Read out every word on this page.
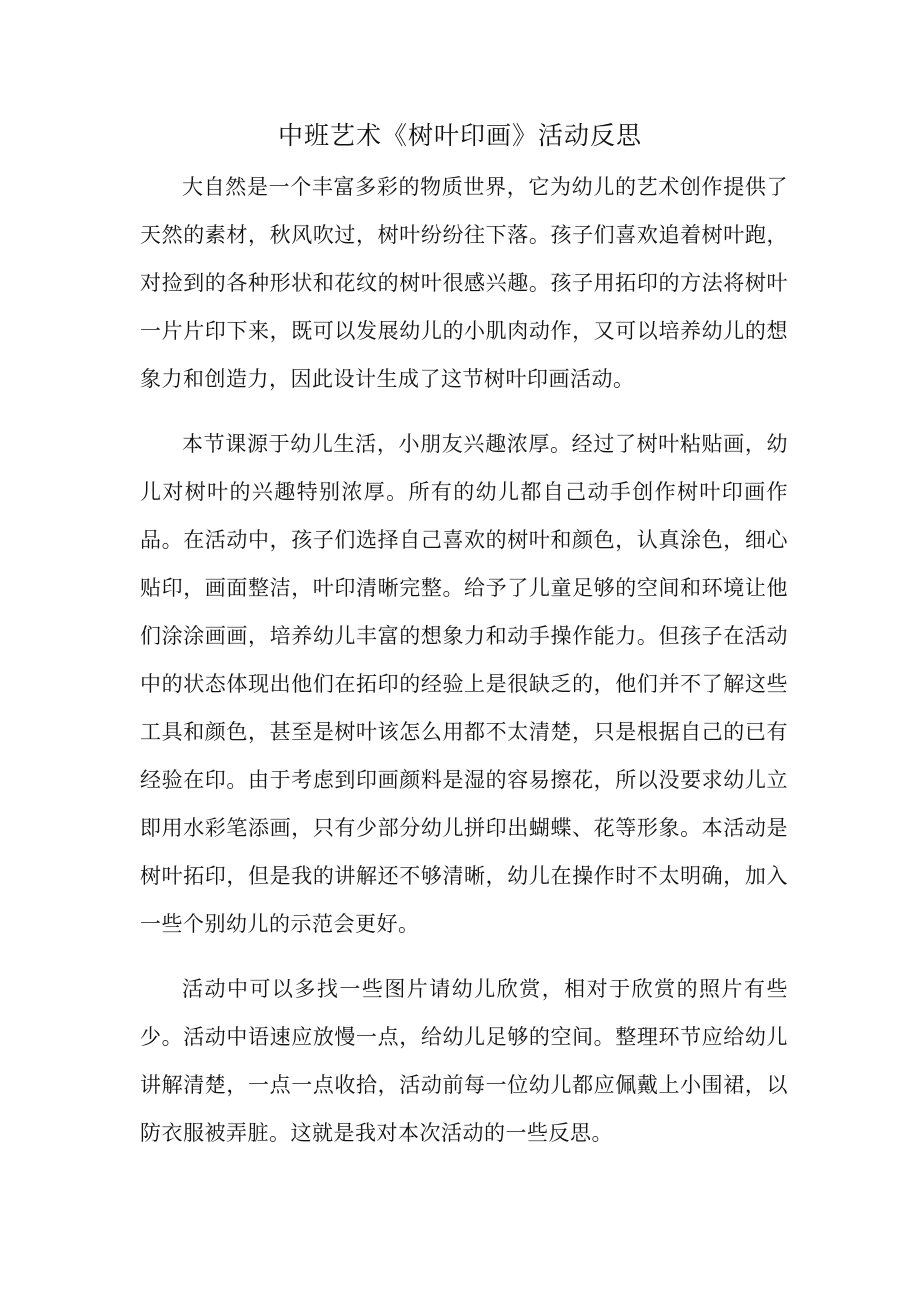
中班艺术《树叶印画》活动反思

大自然是一个丰富多彩的物质世界，它为幼儿的艺术创作提供了天然的素材，秋风吹过，树叶纷纷往下落。孩子们喜欢追着树叶跑，对捡到的各种形状和花纹的树叶很感兴趣。孩子用拓印的方法将树叶一片片印下来，既可以发展幼儿的小肌肉动作，又可以培养幼儿的想象力和创造力，因此设计生成了这节树叶印画活动。

本节课源于幼儿生活，小朋友兴趣浓厚。经过了树叶粘贴画，幼儿对树叶的兴趣特别浓厚。所有的幼儿都自己动手创作树叶印画作品。在活动中，孩子们选择自己喜欢的树叶和颜色，认真涂色，细心贴印，画面整洁，叶印清晰完整。给予了儿童足够的空间和环境让他们涂涂画画，培养幼儿丰富的想象力和动手操作能力。但孩子在活动中的状态体现出他们在拓印的经验上是很缺乏的，他们并不了解这些工具和颜色，甚至是树叶该怎么用都不太清楚，只是根据自己的已有经验在印。由于考虑到印画颜料是湿的容易擦花，所以没要求幼儿立即用水彩笔添画，只有少部分幼儿拼印出蝴蝶、花等形象。本活动是树叶拓印，但是我的讲解还不够清晰，幼儿在操作时不太明确，加入一些个别幼儿的示范会更好。

活动中可以多找一些图片请幼儿欣赏，相对于欣赏的照片有些少。活动中语速应放慢一点，给幼儿足够的空间。整理环节应给幼儿讲解清楚，一点一点收拾，活动前每一位幼儿都应佩戴上小围裙，以防衣服被弄脏。这就是我对本次活动的一些反思。
